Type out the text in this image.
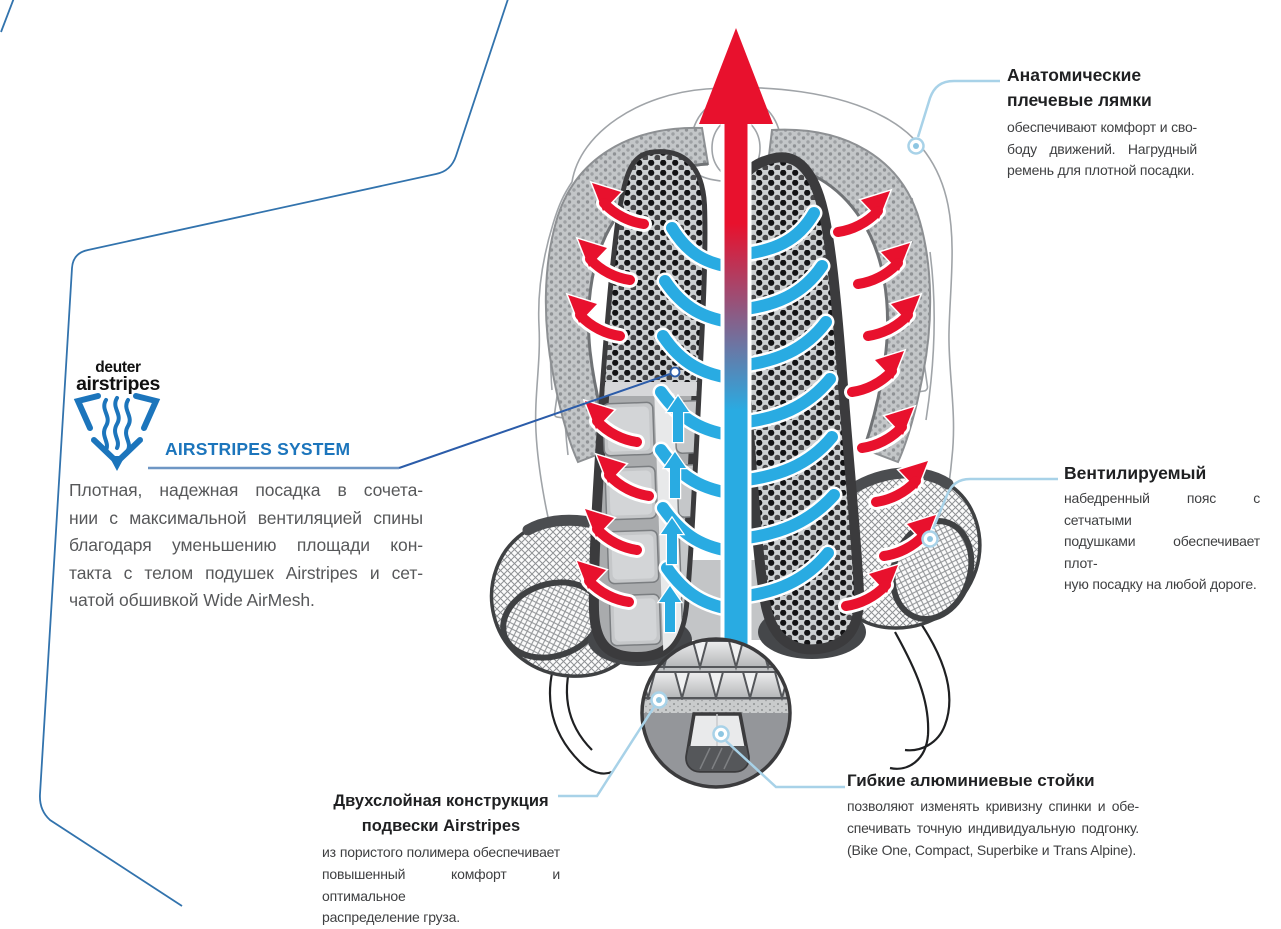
Анатомические
плечевые лямки
обеспечивают комфорт и сво-
боду движений. Нагрудный
ремень для плотной посадки.
deuter
airstripes
AIRSTRIPES SYSTEM
Плотная, надежная посадка в сочета-
нии с максимальной вентиляцией спины
благодаря уменьшению площади кон-
такта с телом подушек Airstripes и сет-
чатой обшивкой Wide AirMesh.
Вентилируемый
набедренный пояс с сетчатыми
подушками обеспечивает плот-
ную посадку на любой дороге.
Двухслойная конструкция
подвески Airstripes
из пористого полимера обеспечивает
повышенный комфорт и оптимальное
распределение груза.
Гибкие алюминиевые стойки
позволяют изменять кривизну спинки и обе-
спечивать точную индивидуальную подгонку.
(Bike One, Compact, Superbike и Trans Alpine).
